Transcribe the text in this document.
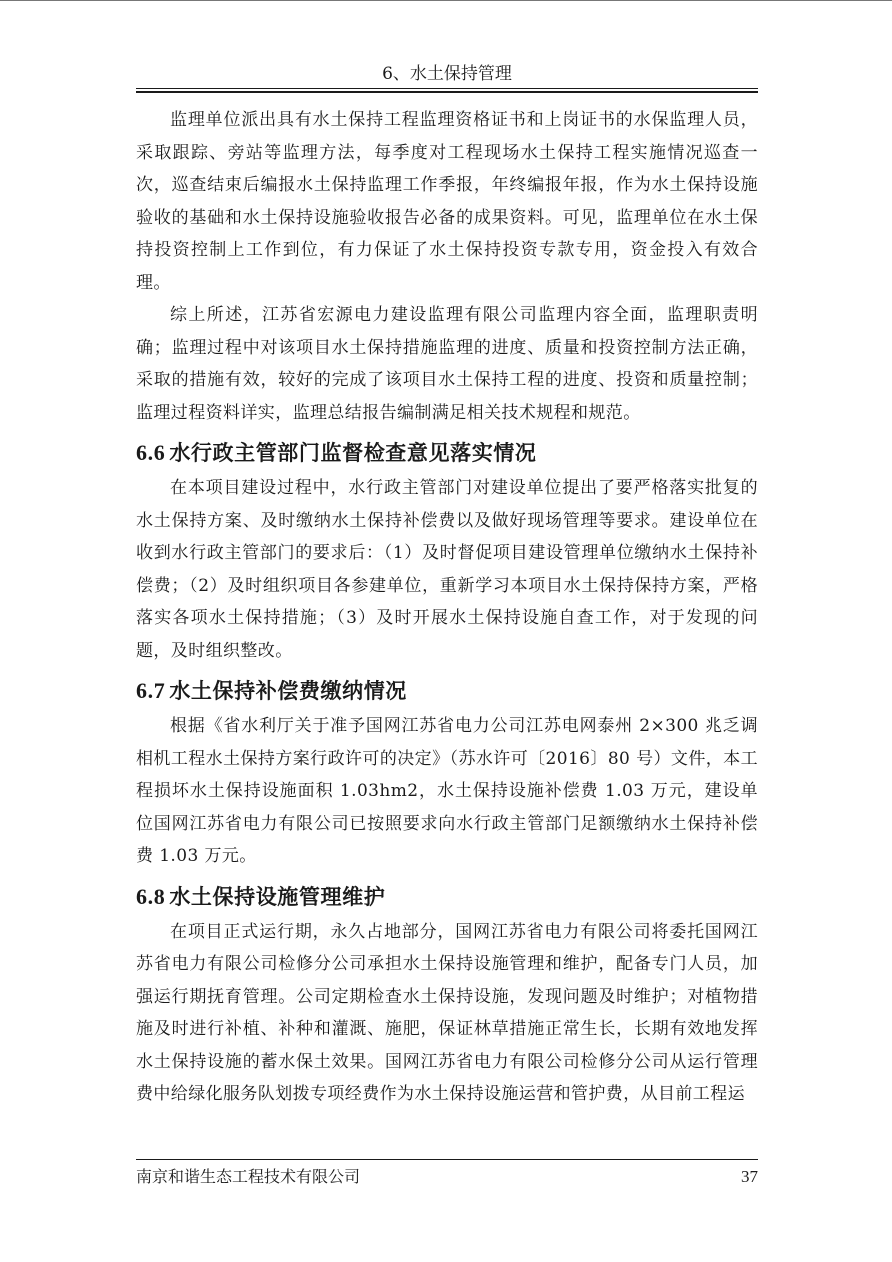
6、水土保持管理

监理单位派出具有水土保持工程监理资格证书和上岗证书的水保监理人员，采取跟踪、旁站等监理方法，每季度对工程现场水土保持工程实施情况巡查一次，巡查结束后编报水土保持监理工作季报，年终编报年报，作为水土保持设施验收的基础和水土保持设施验收报告必备的成果资料。可见，监理单位在水土保持投资控制上工作到位，有力保证了水土保持投资专款专用，资金投入有效合理。

综上所述，江苏省宏源电力建设监理有限公司监理内容全面，监理职责明确；监理过程中对该项目水土保持措施监理的进度、质量和投资控制方法正确，采取的措施有效，较好的完成了该项目水土保持工程的进度、投资和质量控制；监理过程资料详实，监理总结报告编制满足相关技术规程和规范。

6.6 水行政主管部门监督检查意见落实情况

在本项目建设过程中，水行政主管部门对建设单位提出了要严格落实批复的水土保持方案、及时缴纳水土保持补偿费以及做好现场管理等要求。建设单位在收到水行政主管部门的要求后：（1）及时督促项目建设管理单位缴纳水土保持补偿费；（2）及时组织项目各参建单位，重新学习本项目水土保持保持方案，严格落实各项水土保持措施；（3）及时开展水土保持设施自查工作，对于发现的问题，及时组织整改。

6.7 水土保持补偿费缴纳情况

根据《省水利厅关于准予国网江苏省电力公司江苏电网泰州 2×300 兆乏调相机工程水土保持方案行政许可的决定》（苏水许可〔2016〕80 号）文件，本工程损坏水土保持设施面积 1.03hm2，水土保持设施补偿费 1.03 万元，建设单位国网江苏省电力有限公司已按照要求向水行政主管部门足额缴纳水土保持补偿费 1.03 万元。

6.8 水土保持设施管理维护

在项目正式运行期，永久占地部分，国网江苏省电力有限公司将委托国网江苏省电力有限公司检修分公司承担水土保持设施管理和维护，配备专门人员，加强运行期抚育管理。公司定期检查水土保持设施，发现问题及时维护；对植物措施及时进行补植、补种和灌溉、施肥，保证林草措施正常生长，长期有效地发挥水土保持设施的蓄水保土效果。国网江苏省电力有限公司检修分公司从运行管理费中给绿化服务队划拨专项经费作为水土保持设施运营和管护费，从目前工程运

南京和谐生态工程技术有限公司	37
